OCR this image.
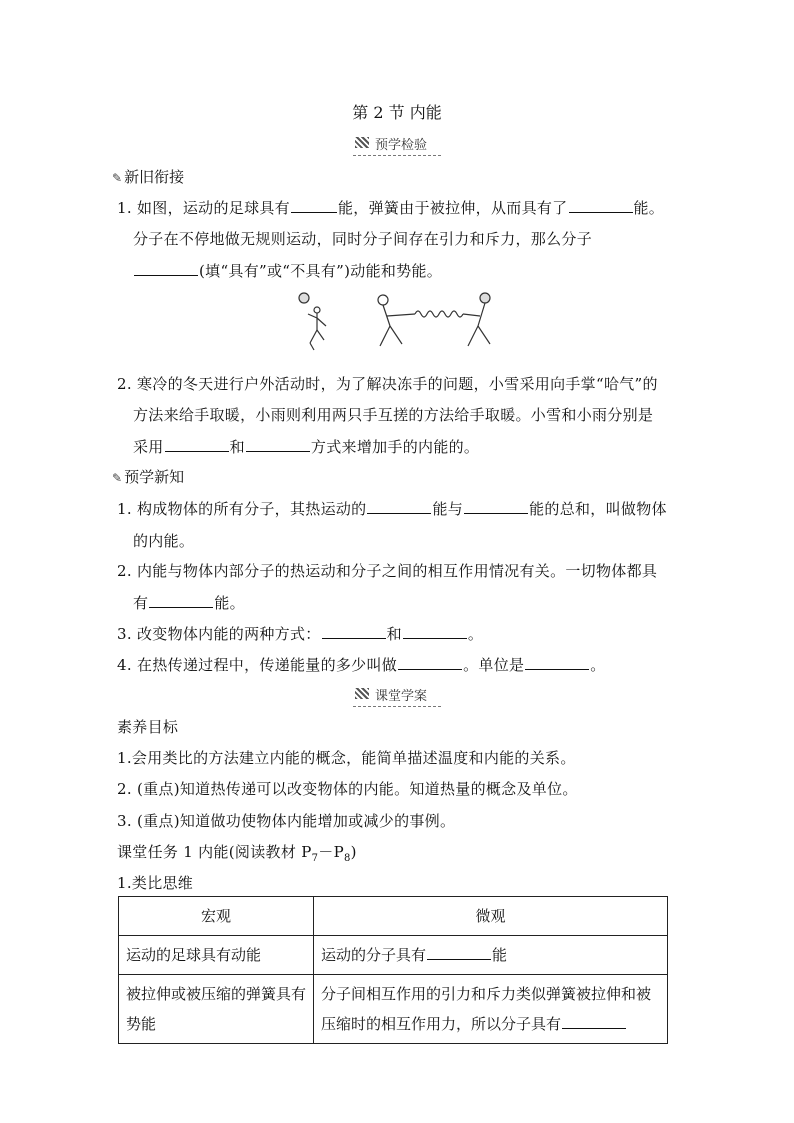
第 2 节 内能
预学检验
✎ 新旧衔接
1. 如图，运动的足球具有	能，弹簧由于被拉伸，从而具有了	能。
分子在不停地做无规则运动，同时分子间存在引力和斥力，那么分子
(填“具有”或“不具有”)动能和势能。
2. 寒冷的冬天进行户外活动时，为了解决冻手的问题，小雪采用向手掌“哈气”的
方法来给手取暖，小雨则利用两只手互搓的方法给手取暖。小雪和小雨分别是
采用	和	方式来增加手的内能的。
✎ 预学新知
1. 构成物体的所有分子，其热运动的	能与	能的总和，叫做物体
的内能。
2. 内能与物体内部分子的热运动和分子之间的相互作用情况有关。一切物体都具
有	能。
3. 改变物体内能的两种方式：	和	。
4. 在热传递过程中，传递能量的多少叫做	。单位是	。
课堂学案
素养目标
1.会用类比的方法建立内能的概念，能简单描述温度和内能的关系。
2. (重点)知道热传递可以改变物体的内能。知道热量的概念及单位。
3. (重点)知道做功使物体内能增加或减少的事例。
课堂任务 1 内能(阅读教材 $P_7-P_8$)
1.类比思维
宏观	微观
运动的足球具有动能	运动的分子具有 能
被拉伸或被压缩的弹簧具有势能	分子间相互作用的引力和斥力类似弹簧被拉伸和被压缩时的相互作用力，所以分子具有
